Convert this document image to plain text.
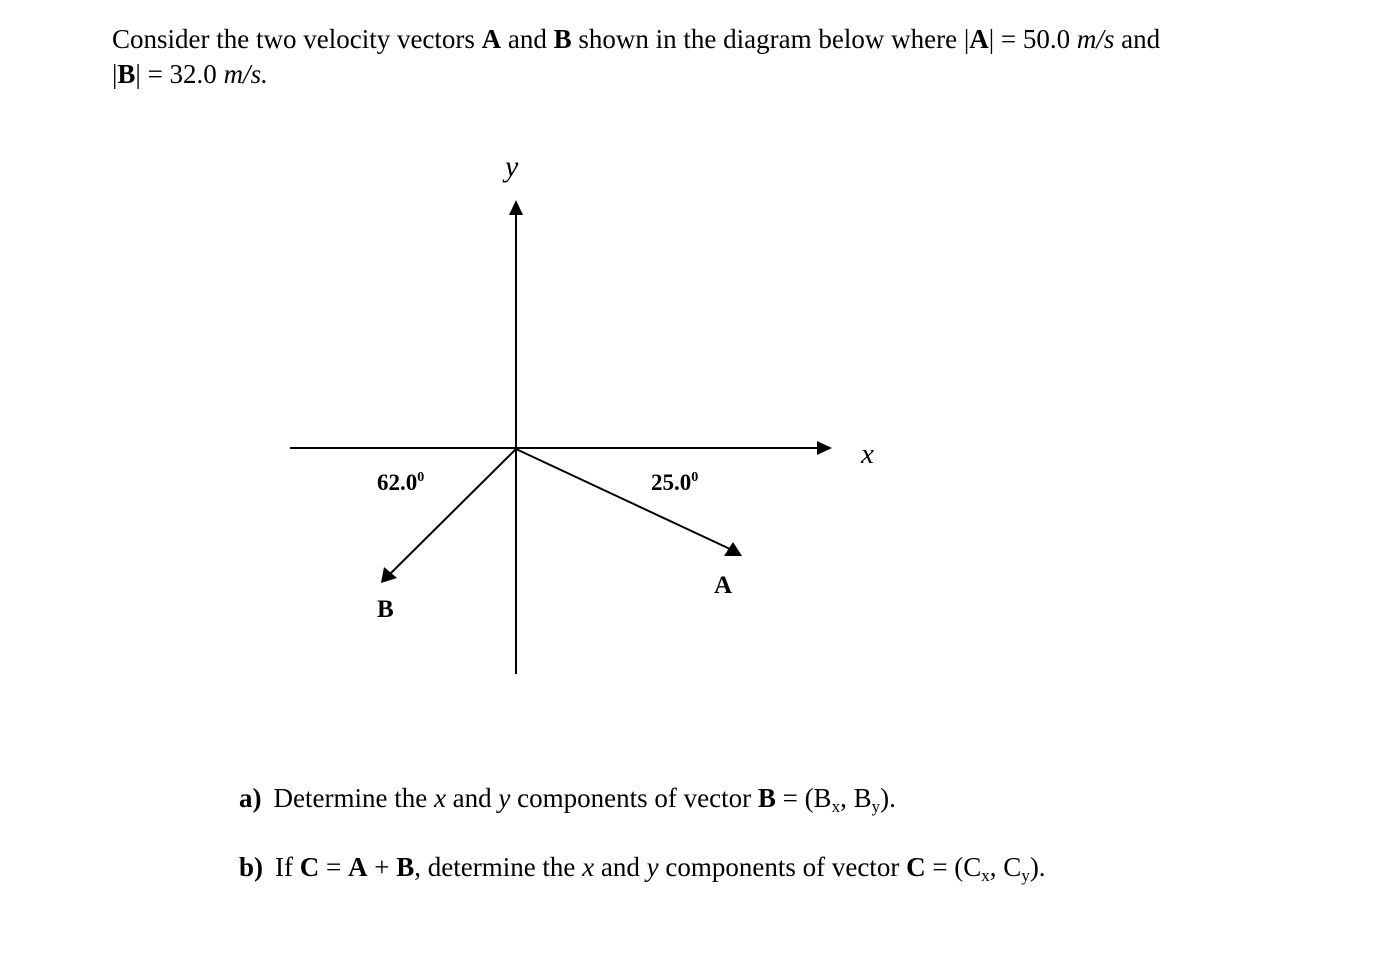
Consider the two velocity vectors A and B shown in the diagram below where |A| = 50.0 m/s and
|B| = 32.0 m/s.

y
x
62.0$^0$	25.0$^0$
A
B
a) Determine the x and y components of vector $B = (B_x$, $B_y$).
b) If C = A + B, determine the x and y components of vector $C = (C_x$, $C_y$).
